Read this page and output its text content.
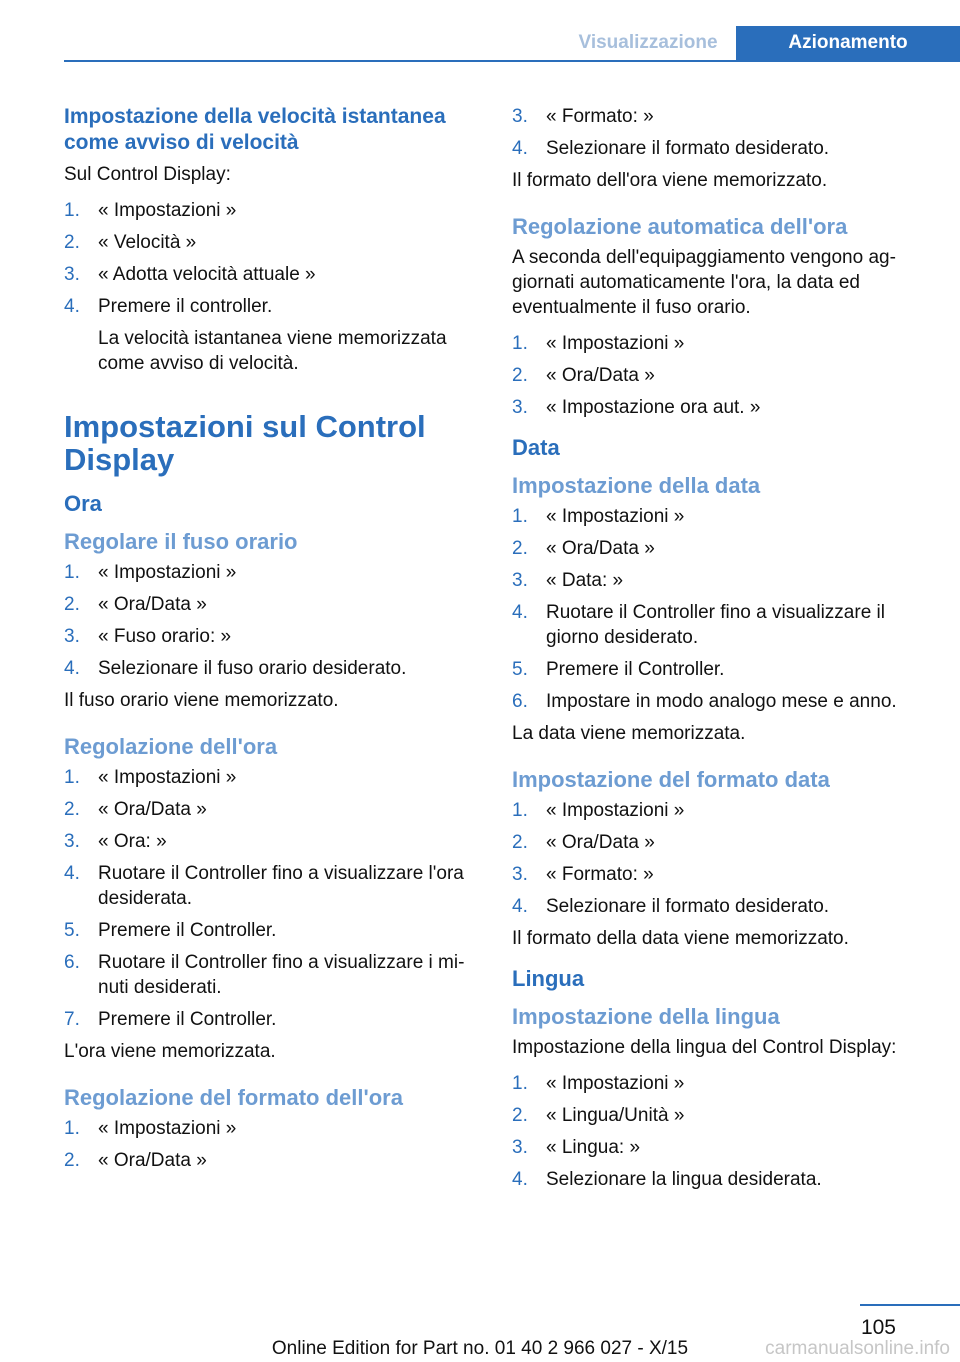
Visualizzazione	Azionamento
Impostazione della velocità istantanea come avviso di velocità

Sul Control Display:

1. « Impostazioni »
2. « Velocità »
3. « Adotta velocità attuale »
4. Premere il controller.
La velocità istantanea viene memorizzata come avviso di velocità.
Impostazioni sul Control Display
Ora
Regolare il fuso orario
1. « Impostazioni »
2. « Ora/Data »
3. « Fuso orario: »
4. Selezionare il fuso orario desiderato.

Il fuso orario viene memorizzato.

Regolazione dell'ora
1. « Impostazioni »
2. « Ora/Data »
3. « Ora: »
4. Ruotare il Controller fino a visualizzare l'ora desiderata.
5. Premere il Controller.
6. Ruotare il Controller fino a visualizzare i mi‐ nuti desiderati.
7. Premere il Controller.

L'ora viene memorizzata.

Regolazione del formato dell'ora
1. « Impostazioni »
2. « Ora/Data »
3. « Formato: »
4. Selezionare il formato desiderato.

Il formato dell'ora viene memorizzato.

Regolazione automatica dell'ora

A seconda dell'equipaggiamento vengono ag‐ giornati automaticamente l'ora, la data ed eventualmente il fuso orario.

1. « Impostazioni »
2. « Ora/Data »
3. « Impostazione ora aut. »
Data
Impostazione della data
1. « Impostazioni »
2. « Ora/Data »
3. « Data: »
4. Ruotare il Controller fino a visualizzare il giorno desiderato.
5. Premere il Controller.
6. Impostare in modo analogo mese e anno.

La data viene memorizzata.

Impostazione del formato data
1. « Impostazioni »
2. « Ora/Data »
3. « Formato: »
4. Selezionare il formato desiderato.

Il formato della data viene memorizzato.

Lingua
Impostazione della lingua

Impostazione della lingua del Control Display:

1. « Impostazioni »
2. « Lingua/Unità »
3. « Lingua: »
4. Selezionare la lingua desiderata.
105
Online Edition for Part no. 01 40 2 966 027 - X/15	carmanualsonline.info
